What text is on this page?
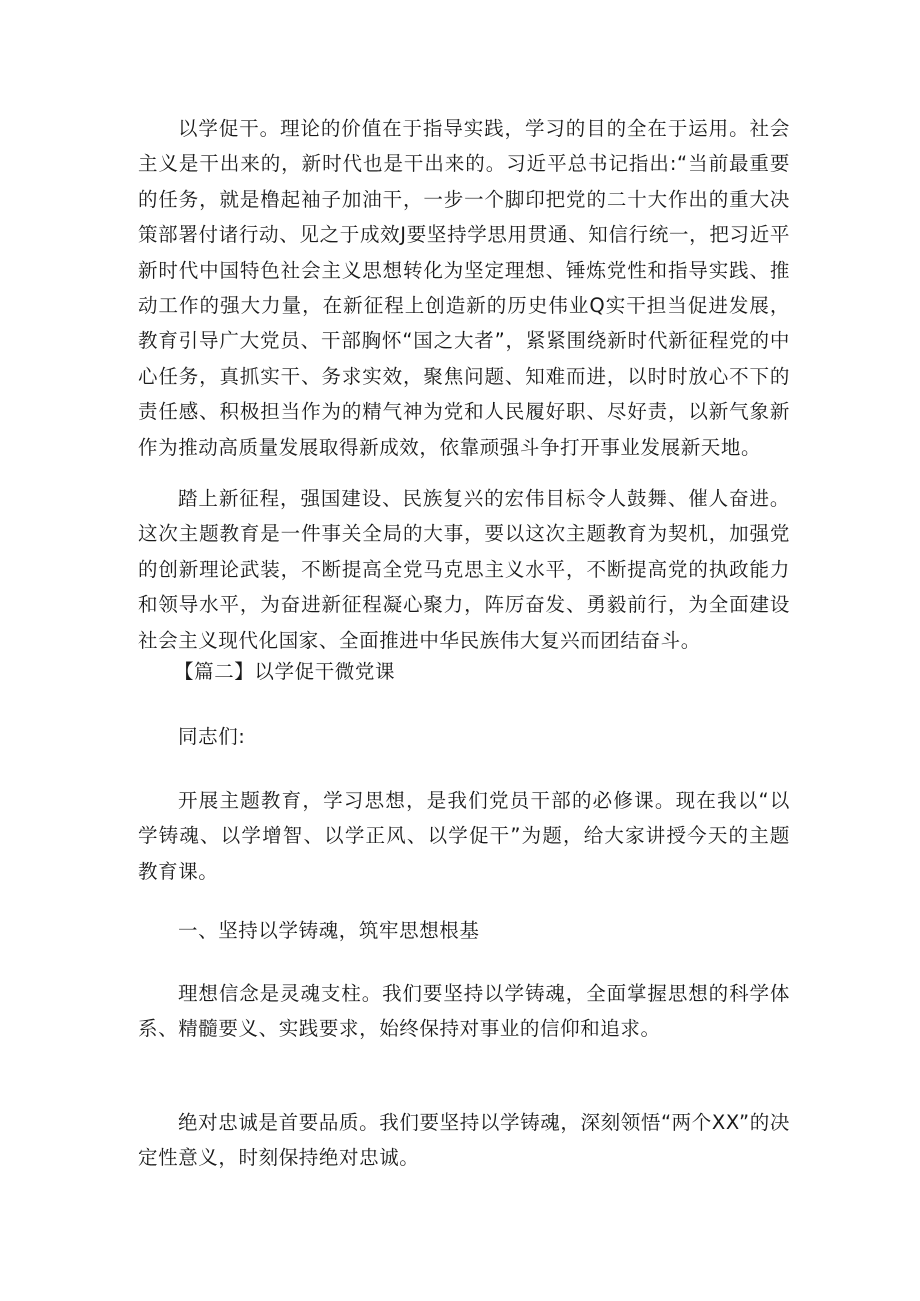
以学促干。理论的价值在于指导实践，学习的目的全在于运用。社会主义是干出来的，新时代也是干出来的。习近平总书记指出:“当前最重要的任务，就是橹起袖子加油干，一步一个脚印把党的二十大作出的重大决策部署付诸行动、见之于成效J要坚持学思用贯通、知信行统一，把习近平新时代中国特色社会主义思想转化为坚定理想、锤炼党性和指导实践、推动工作的强大力量，在新征程上创造新的历史伟业Q实干担当促进发展，教育引导广大党员、干部胸怀“国之大者”，紧紧围绕新时代新征程党的中心任务，真抓实干、务求实效，聚焦问题、知难而进，以时时放心不下的责任感、积极担当作为的精气神为党和人民履好职、尽好责，以新气象新作为推动高质量发展取得新成效，依靠顽强斗争打开事业发展新天地。

踏上新征程，强国建设、民族复兴的宏伟目标令人鼓舞、催人奋进。这次主题教育是一件事关全局的大事，要以这次主题教育为契机，加强党的创新理论武装，不断提高全党马克思主义水平，不断提高党的执政能力和领导水平，为奋进新征程凝心聚力，阵厉奋发、勇毅前行，为全面建设社会主义现代化国家、全面推进中华民族伟大复兴而团结奋斗。

【篇二】以学促干微党课

同志们:

开展主题教育，学习思想，是我们党员干部的必修课。现在我以“以学铸魂、以学增智、以学正风、以学促干”为题，给大家讲授今天的主题教育课。

一、坚持以学铸魂，筑牢思想根基

理想信念是灵魂支柱。我们要坚持以学铸魂，全面掌握思想的科学体系、精髓要义、实践要求，始终保持对事业的信仰和追求。

绝对忠诚是首要品质。我们要坚持以学铸魂，深刻领悟“两个XX”的决定性意义，时刻保持绝对忠诚。
